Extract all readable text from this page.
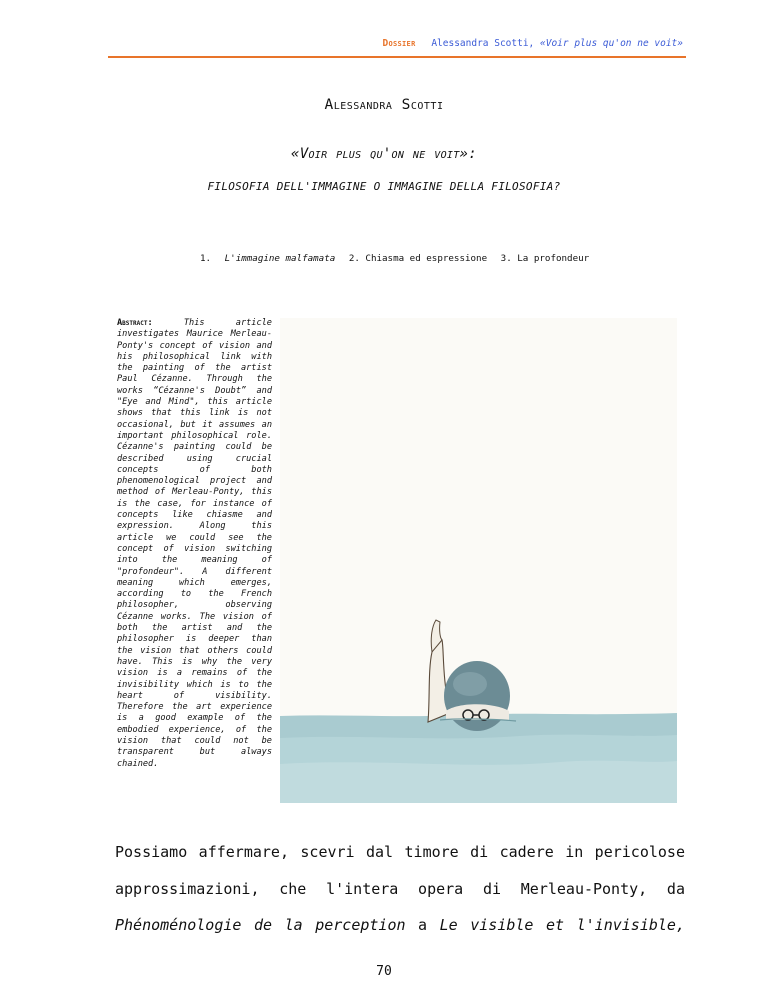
Dossier Alessandra Scotti, «Voir plus qu'on ne voit»
Alessandra Scotti
«Voir plus qu'on ne voit»:
FILOSOFIA DELL'IMMAGINE O IMMAGINE DELLA FILOSOFIA?
1. L'immagine malfamata 2. Chiasma ed espressione 3. La profondeur
Abstract:	This article investigates Maurice Merleau-Ponty's concept of vision and his philosophical link with the painting of the artist Paul Cézanne. Through the works “Cézanne's Doubt” and "Eye and Mind", this article shows that this link is not occasional, but it assumes an important philosophical role. Cézanne's painting could be described using crucial concepts of both phenomenological project and method of Merleau-Ponty, this is the case, for instance of concepts like chiasme and expression. Along this article we could see the concept of vision switching into the meaning of "profondeur". A different meaning which emerges, according to the French philosopher, observing Cézanne works. The vision of both the artist and the philosopher is deeper than the vision that others could have. This is why the very vision is a remains of the invisibility which is to the heart of visibility. Therefore the art experience is a good example of the embodied experience, of the vision that could not be transparent but always chained.
Possiamo affermare, scevri dal timore di cadere in pericolose
approssimazioni, che l'intera opera di Merleau-Ponty, da
Phénoménologie de la perception a Le visible et l'invisible,
70
